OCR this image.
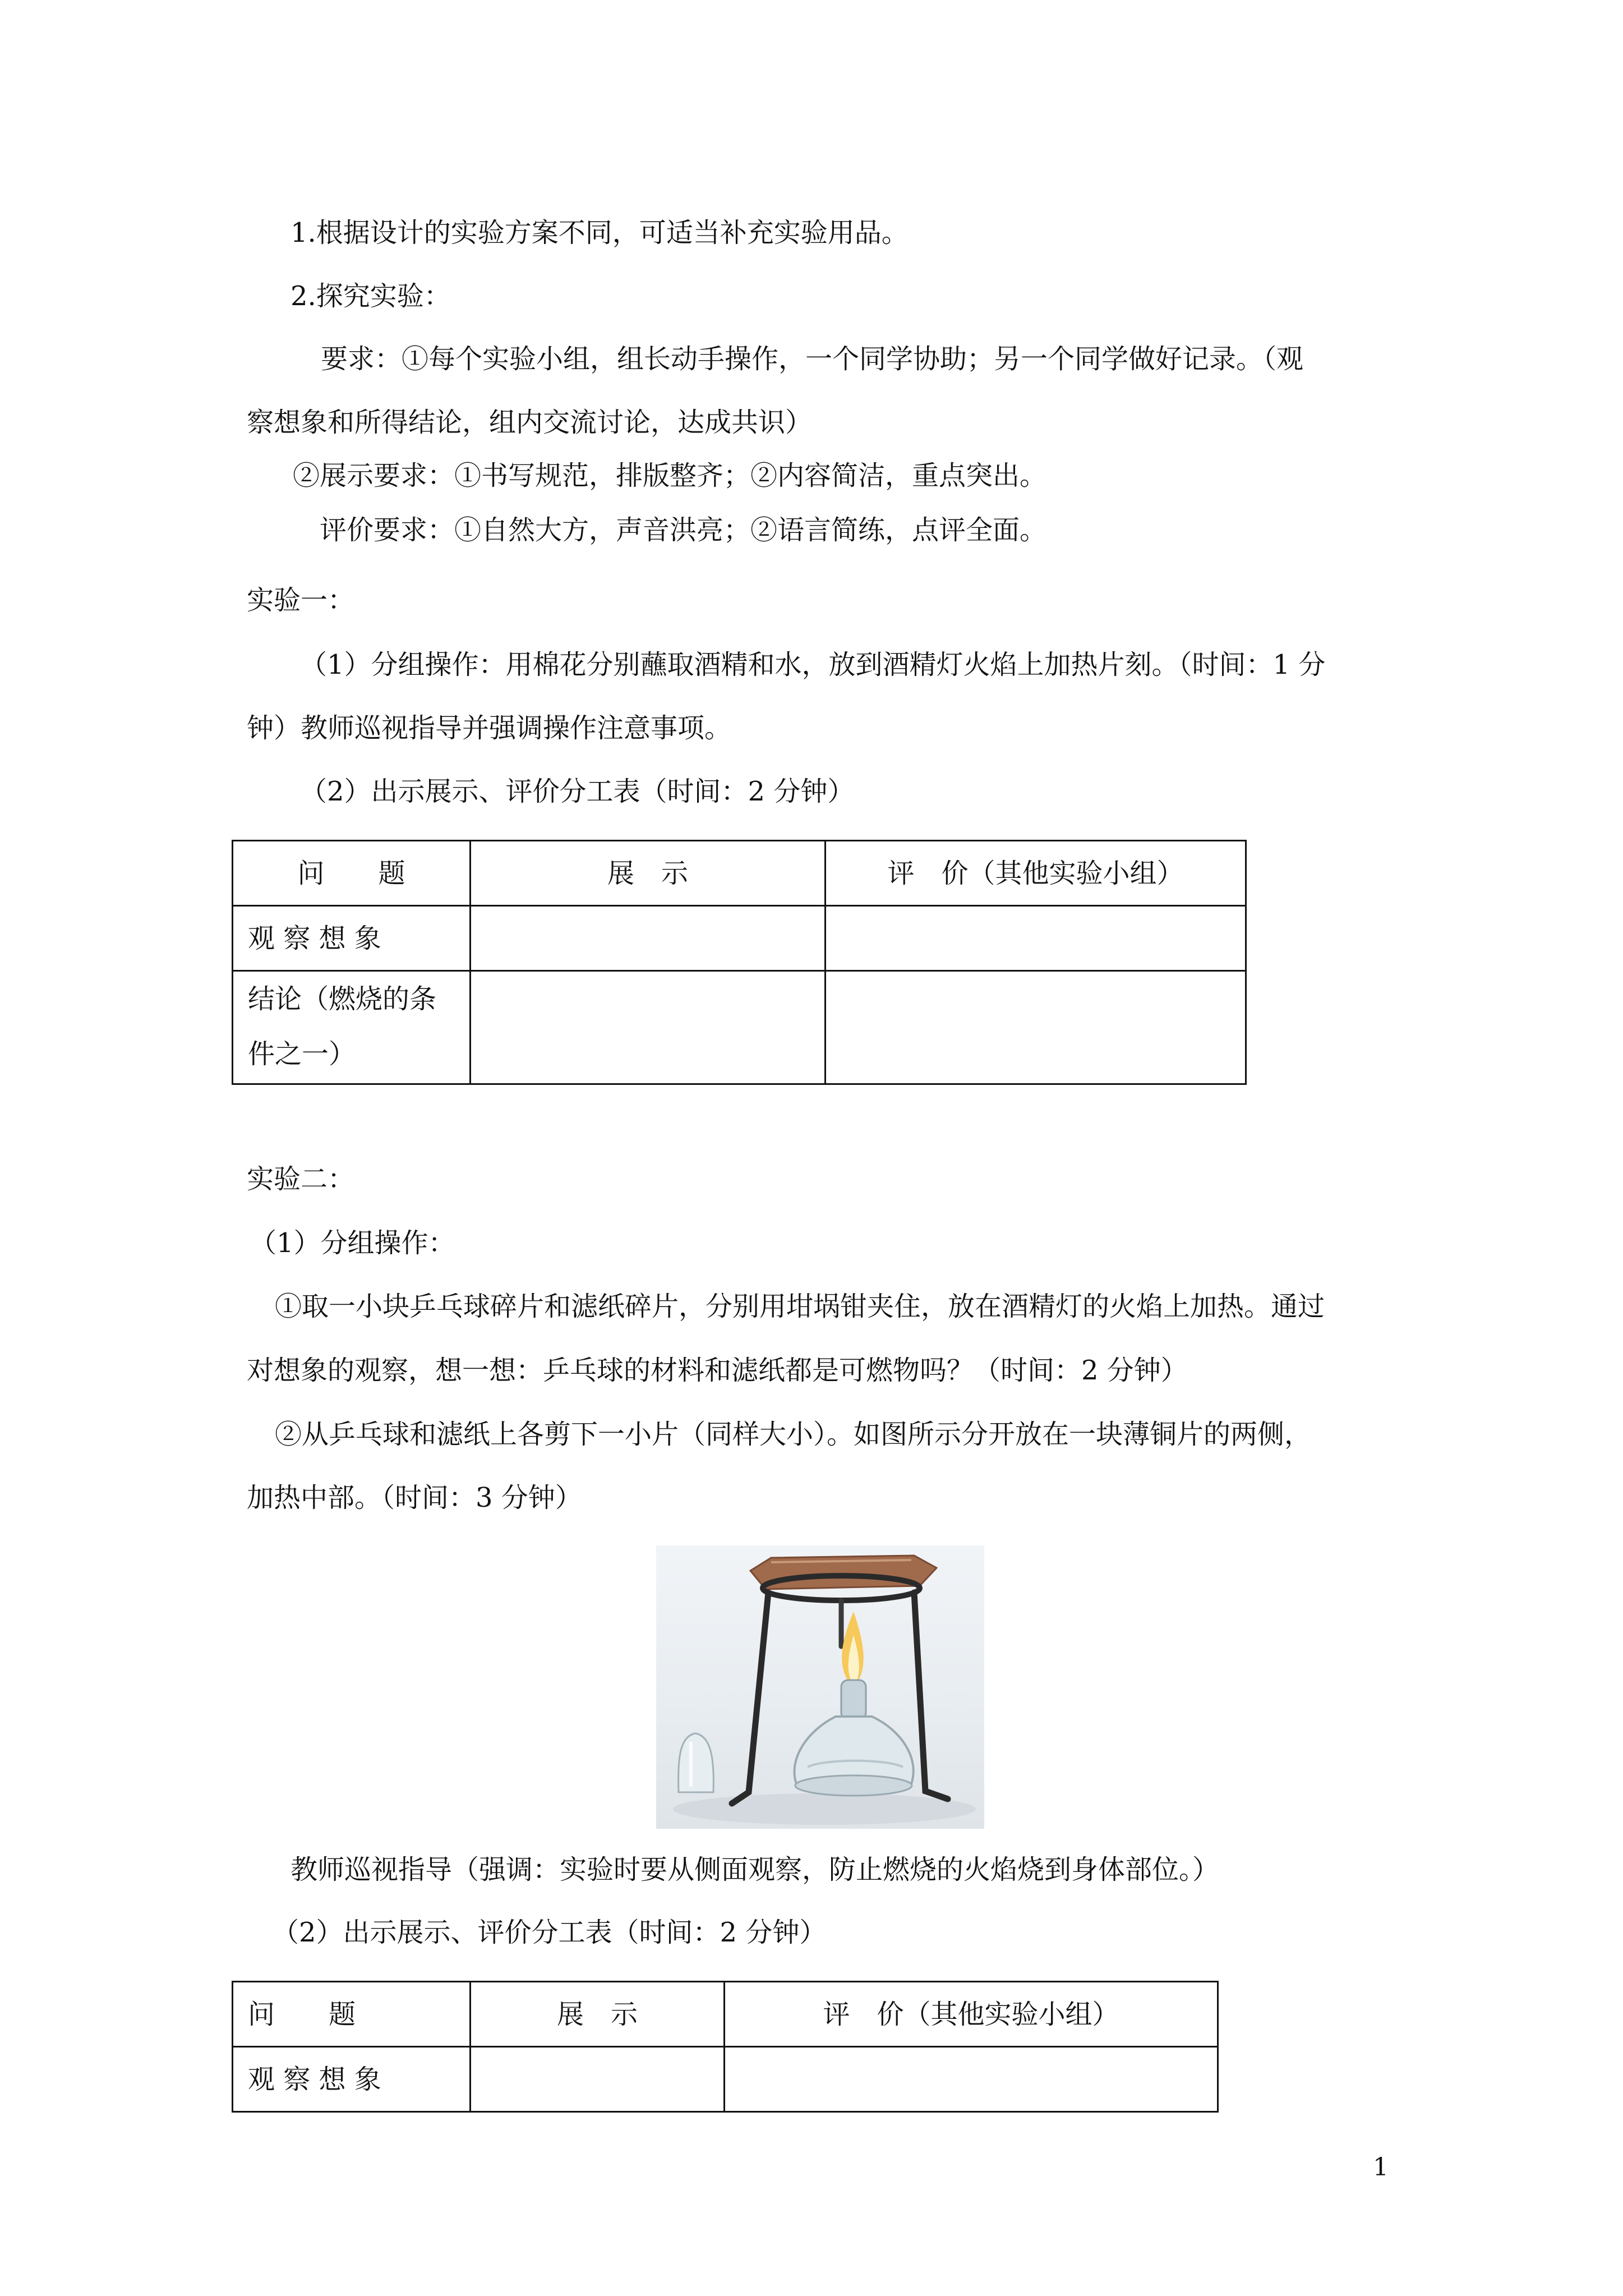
1.根据设计的实验方案不同，可适当补充实验用品。
2.探究实验：
要求：①每个实验小组，组长动手操作，一个同学协助；另一个同学做好记录。（观
察想象和所得结论，组内交流讨论，达成共识）
②展示要求：①书写规范，排版整齐；②内容简洁，重点突出。
评价要求：①自然大方，声音洪亮；②语言简练，点评全面。
实验一：
（1）分组操作：用棉花分别蘸取酒精和水，放到酒精灯火焰上加热片刻。（时间：1 分
钟）教师巡视指导并强调操作注意事项。
（2）出示展示、评价分工表（时间：2 分钟）
问　　题	展　示	评　价（其他实验小组）
观 察 想 象		

结论（燃烧的条
件之一）		

实验二：
（1）分组操作：
①取一小块乒乓球碎片和滤纸碎片，分别用坩埚钳夹住，放在酒精灯的火焰上加热。通过
对想象的观察，想一想：乒乓球的材料和滤纸都是可燃物吗？（时间：2 分钟）
②从乒乓球和滤纸上各剪下一小片（同样大小）。如图所示分开放在一块薄铜片的两侧，
加热中部。（时间：3 分钟）
教师巡视指导（强调：实验时要从侧面观察，防止燃烧的火焰烧到身体部位。）
（2）出示展示、评价分工表（时间：2 分钟）
问　　题	展　示	评　价（其他实验小组）
观 察 想 象		
1
